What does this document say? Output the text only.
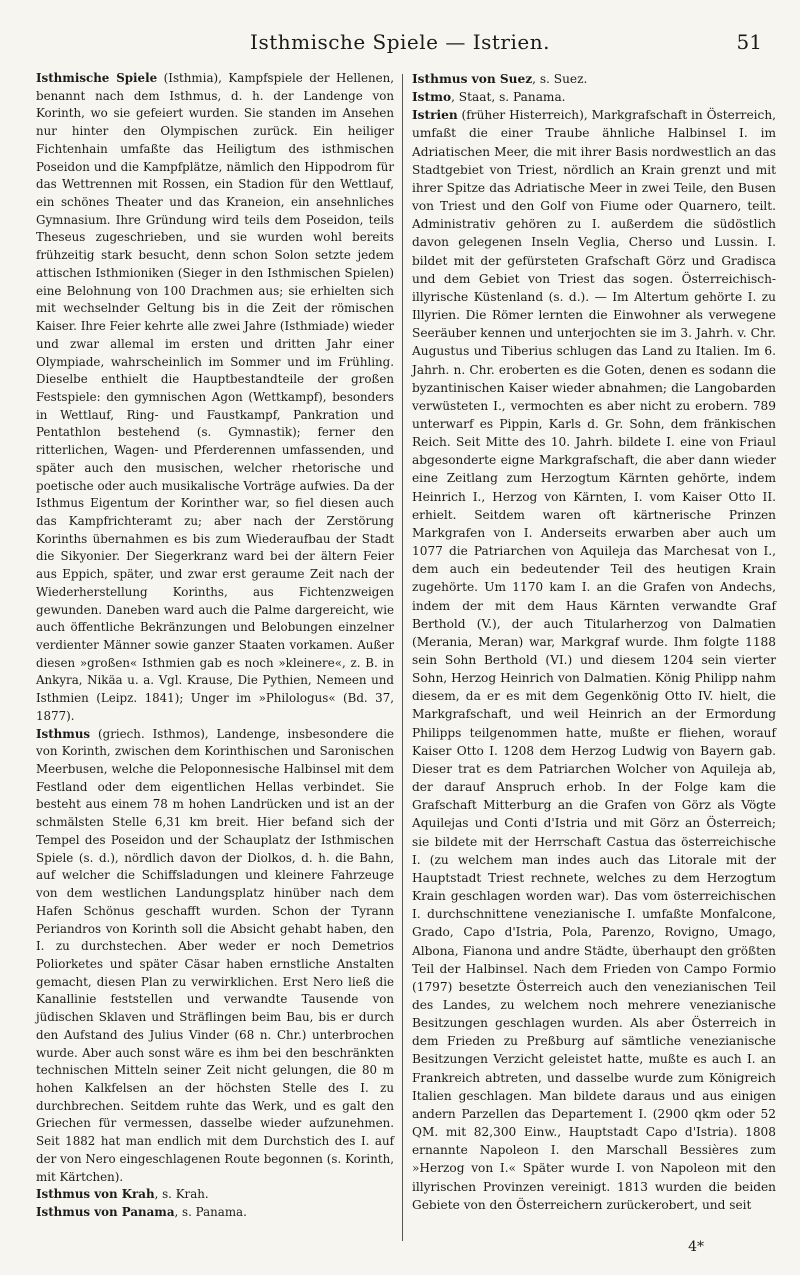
Isthmische Spiele — Istrien.	51

Isthmische Spiele (Isthmia), Kampfspiele der Hellenen, benannt nach dem Isthmus, d. h. der Landenge von Korinth, wo sie gefeiert wurden. Sie standen im Ansehen nur hinter den Olympischen zurück. Ein heiliger Fichtenhain umfaßte das Heiligtum des isthmischen Poseidon und die Kampfplätze, nämlich den Hippodrom für das Wettrennen mit Rossen, ein Stadion für den Wettlauf, ein schönes Theater und das Kraneion, ein ansehnliches Gymnasium. Ihre Gründung wird teils dem Poseidon, teils Theseus zugeschrieben, und sie wurden wohl bereits frühzeitig stark besucht, denn schon Solon setzte jedem attischen Isthmioniken (Sieger in den Isthmischen Spielen) eine Belohnung von 100 Drachmen aus; sie erhielten sich mit wechselnder Geltung bis in die Zeit der römischen Kaiser. Ihre Feier kehrte alle zwei Jahre (Isthmiade) wieder und zwar allemal im ersten und dritten Jahr einer Olympiade, wahrscheinlich im Sommer und im Frühling. Dieselbe enthielt die Hauptbestandteile der großen Festspiele: den gymnischen Agon (Wettkampf), besonders in Wettlauf, Ring- und Faustkampf, Pankration und Pentathlon bestehend (s. Gymnastik); ferner den ritterlichen, Wagen- und Pferderennen umfassenden, und später auch den musischen, welcher rhetorische und poetische oder auch musikalische Vorträge aufwies. Da der Isthmus Eigentum der Korinther war, so fiel diesen auch das Kampfrichteramt zu; aber nach der Zerstörung Korinths übernahmen es bis zum Wiederaufbau der Stadt die Sikyonier. Der Siegerkranz ward bei der ältern Feier aus Eppich, später, und zwar erst geraume Zeit nach der Wiederherstellung Korinths, aus Fichtenzweigen gewunden. Daneben ward auch die Palme dargereicht, wie auch öffentliche Bekränzungen und Belobungen einzelner verdienter Männer sowie ganzer Staaten vorkamen. Außer diesen »großen« Isthmien gab es noch »kleinere«, z. B. in Ankyra, Nikäa u. a. Vgl. Krause, Die Pythien, Nemeen und Isthmien (Leipz. 1841); Unger im »Philologus« (Bd. 37, 1877).

Isthmus (griech. Isthmos), Landenge, insbesondere die von Korinth, zwischen dem Korinthischen und Saronischen Meerbusen, welche die Peloponnesische Halbinsel mit dem Festland oder dem eigentlichen Hellas verbindet. Sie besteht aus einem 78 m hohen Landrücken und ist an der schmälsten Stelle 6,31 km breit. Hier befand sich der Tempel des Poseidon und der Schauplatz der Isthmischen Spiele (s. d.), nördlich davon der Diolkos, d. h. die Bahn, auf welcher die Schiffsladungen und kleinere Fahrzeuge von dem westlichen Landungsplatz hinüber nach dem Hafen Schönus geschafft wurden. Schon der Tyrann Periandros von Korinth soll die Absicht gehabt haben, den I. zu durchstechen. Aber weder er noch Demetrios Poliorketes und später Cäsar haben ernstliche Anstalten gemacht, diesen Plan zu verwirklichen. Erst Nero ließ die Kanallinie feststellen und verwandte Tausende von jüdischen Sklaven und Sträflingen beim Bau, bis er durch den Aufstand des Julius Vinder (68 n. Chr.) unterbrochen wurde. Aber auch sonst wäre es ihm bei den beschränkten technischen Mitteln seiner Zeit nicht gelungen, die 80 m hohen Kalkfelsen an der höchsten Stelle des I. zu durchbrechen. Seitdem ruhte das Werk, und es galt den Griechen für vermessen, dasselbe wieder aufzunehmen. Seit 1882 hat man endlich mit dem Durchstich des I. auf der von Nero eingeschlagenen Route begonnen (s. Korinth, mit Kärtchen).

Isthmus von Krah, s. Krah.

Isthmus von Panama, s. Panama.

Isthmus von Suez, s. Suez.

Istmo, Staat, s. Panama.

Istrien (früher Histerreich), Markgrafschaft in Österreich, umfaßt die einer Traube ähnliche Halbinsel I. im Adriatischen Meer, die mit ihrer Basis nordwestlich an das Stadtgebiet von Triest, nördlich an Krain grenzt und mit ihrer Spitze das Adriatische Meer in zwei Teile, den Busen von Triest und den Golf von Fiume oder Quarnero, teilt. Administrativ gehören zu I. außerdem die südöstlich davon gelegenen Inseln Veglia, Cherso und Lussin. I. bildet mit der gefürsteten Grafschaft Görz und Gradisca und dem Gebiet von Triest das sogen. Österreichisch-illyrische Küstenland (s. d.). — Im Altertum gehörte I. zu Illyrien. Die Römer lernten die Einwohner als verwegene Seeräuber kennen und unterjochten sie im 3. Jahrh. v. Chr. Augustus und Tiberius schlugen das Land zu Italien. Im 6. Jahrh. n. Chr. eroberten es die Goten, denen es sodann die byzantinischen Kaiser wieder abnahmen; die Langobarden verwüsteten I., vermochten es aber nicht zu erobern. 789 unterwarf es Pippin, Karls d. Gr. Sohn, dem fränkischen Reich. Seit Mitte des 10. Jahrh. bildete I. eine von Friaul abgesonderte eigne Markgrafschaft, die aber dann wieder eine Zeitlang zum Herzogtum Kärnten gehörte, indem Heinrich I., Herzog von Kärnten, I. vom Kaiser Otto II. erhielt. Seitdem waren oft kärtnerische Prinzen Markgrafen von I. Anderseits erwarben aber auch um 1077 die Patriarchen von Aquileja das Marchesat von I., dem auch ein bedeutender Teil des heutigen Krain zugehörte. Um 1170 kam I. an die Grafen von Andechs, indem der mit dem Haus Kärnten verwandte Graf Berthold (V.), der auch Titularherzog von Dalmatien (Merania, Meran) war, Markgraf wurde. Ihm folgte 1188 sein Sohn Berthold (VI.) und diesem 1204 sein vierter Sohn, Herzog Heinrich von Dalmatien. König Philipp nahm diesem, da er es mit dem Gegenkönig Otto IV. hielt, die Markgrafschaft, und weil Heinrich an der Ermordung Philipps teilgenommen hatte, mußte er fliehen, worauf Kaiser Otto I. 1208 dem Herzog Ludwig von Bayern gab. Dieser trat es dem Patriarchen Wolcher von Aquileja ab, der darauf Anspruch erhob. In der Folge kam die Grafschaft Mitterburg an die Grafen von Görz als Vögte Aquilejas und Conti d'Istria und mit Görz an Österreich; sie bildete mit der Herrschaft Castua das österreichische I. (zu welchem man indes auch das Litorale mit der Hauptstadt Triest rechnete, welches zu dem Herzogtum Krain geschlagen worden war). Das vom österreichischen I. durchschnittene venezianische I. umfaßte Monfalcone, Grado, Capo d'Istria, Pola, Parenzo, Rovigno, Umago, Albona, Fianona und andre Städte, überhaupt den größten Teil der Halbinsel. Nach dem Frieden von Campo Formio (1797) besetzte Österreich auch den venezianischen Teil des Landes, zu welchem noch mehrere venezianische Besitzungen geschlagen wurden. Als aber Österreich in dem Frieden zu Preßburg auf sämtliche venezianische Besitzungen Verzicht geleistet hatte, mußte es auch I. an Frankreich abtreten, und dasselbe wurde zum Königreich Italien geschlagen. Man bildete daraus und aus einigen andern Parzellen das Departement I. (2900 qkm oder 52 QM. mit 82,300 Einw., Hauptstadt Capo d'Istria). 1808 ernannte Napoleon I. den Marschall Bessières zum »Herzog von I.« Später wurde I. von Napoleon mit den illyrischen Provinzen vereinigt. 1813 wurden die beiden Gebiete von den Österreichern zurückerobert, und seit

4*
